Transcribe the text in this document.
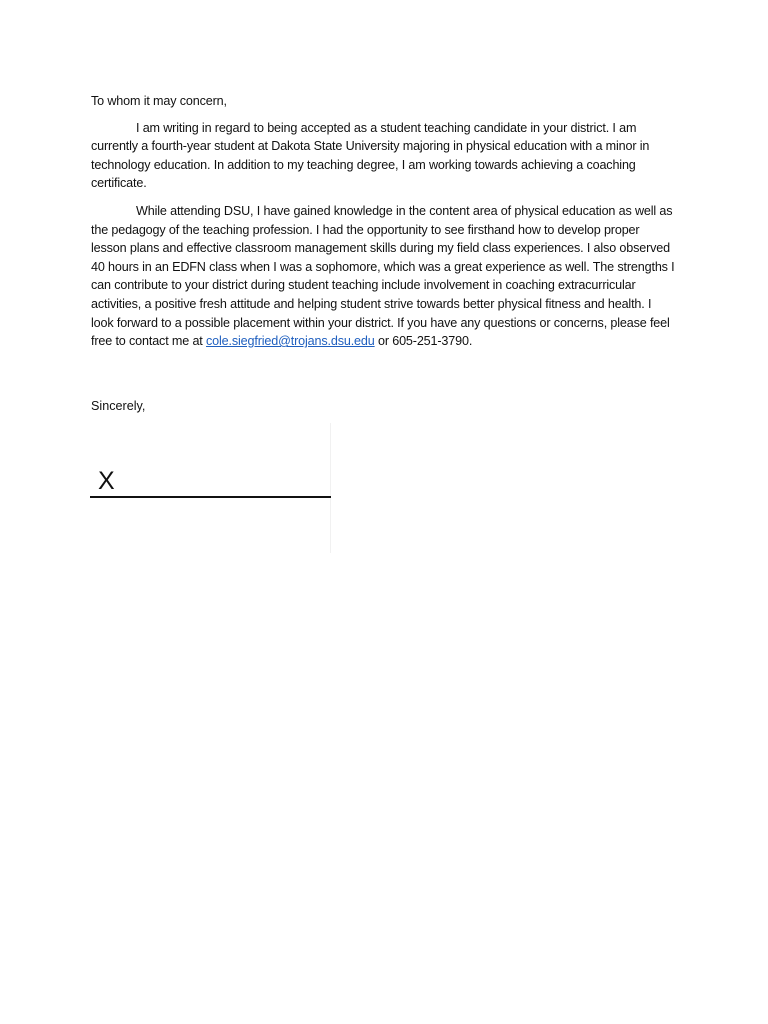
To whom it may concern,

I am writing in regard to being accepted as a student teaching candidate in your district. I am currently a fourth-year student at Dakota State University majoring in physical education with a minor in technology education. In addition to my teaching degree, I am working towards achieving a coaching certificate.

While attending DSU, I have gained knowledge in the content area of physical education as well as the pedagogy of the teaching profession. I had the opportunity to see firsthand how to develop proper lesson plans and effective classroom management skills during my field class experiences. I also observed 40 hours in an EDFN class when I was a sophomore, which was a great experience as well. The strengths I can contribute to your district during student teaching include involvement in coaching extracurricular activities, a positive fresh attitude and helping student strive towards better physical fitness and health. I look forward to a possible placement within your district. If you have any questions or concerns, please feel free to contact me at cole.siegfried@trojans.dsu.edu or 605-251-3790.

Sincerely,

X
